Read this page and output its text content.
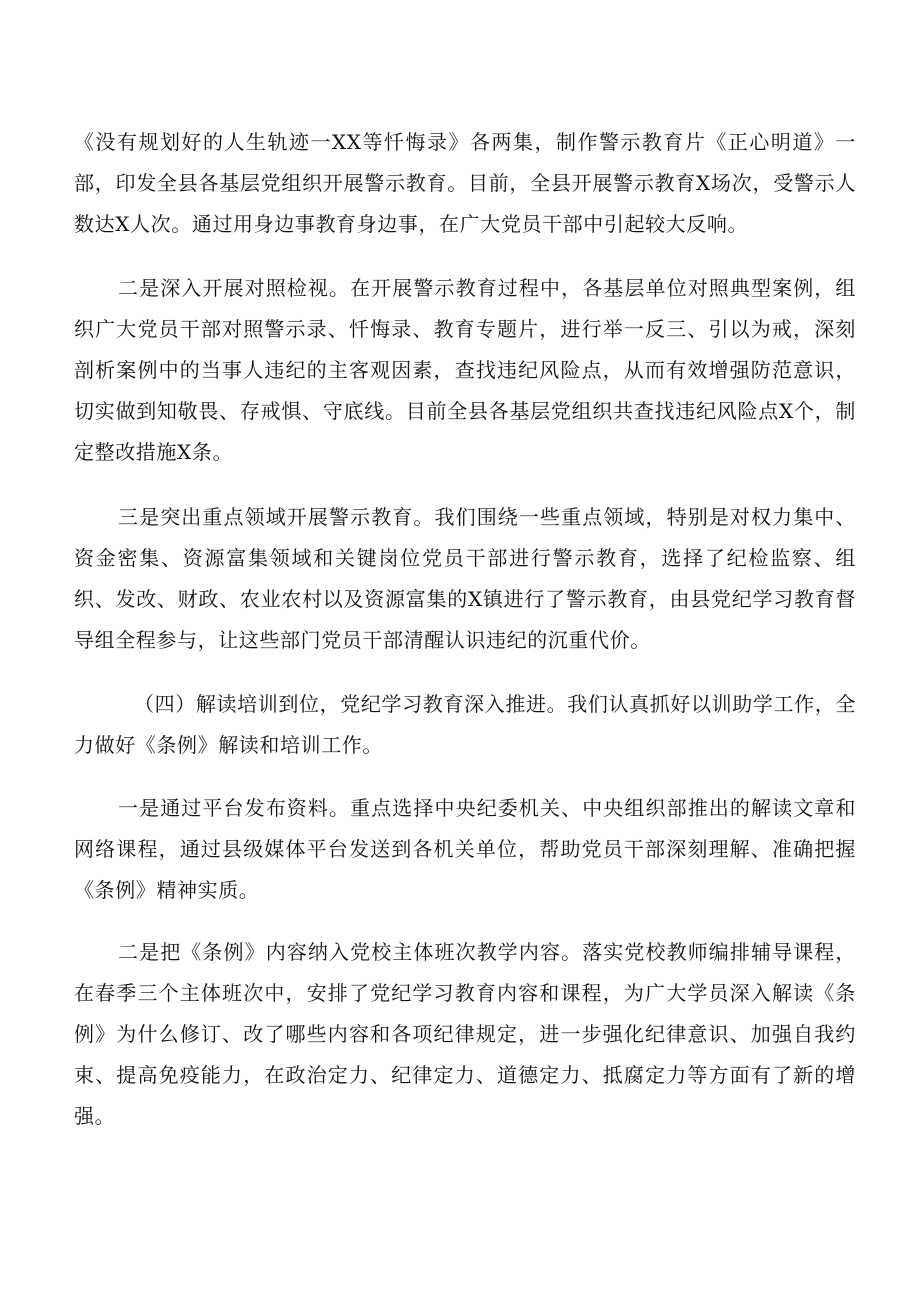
《没有规划好的人生轨迹一XX等忏悔录》各两集，制作警示教育片《正心明道》一部，印发全县各基层党组织开展警示教育。目前，全县开展警示教育X场次，受警示人数达X人次。通过用身边事教育身边事，在广大党员干部中引起较大反响。

二是深入开展对照检视。在开展警示教育过程中，各基层单位对照典型案例，组织广大党员干部对照警示录、忏悔录、教育专题片，进行举一反三、引以为戒，深刻剖析案例中的当事人违纪的主客观因素，查找违纪风险点，从而有效增强防范意识，切实做到知敬畏、存戒惧、守底线。目前全县各基层党组织共查找违纪风险点X个，制定整改措施X条。

三是突出重点领域开展警示教育。我们围绕一些重点领域，特别是对权力集中、资金密集、资源富集领域和关键岗位党员干部进行警示教育，选择了纪检监察、组织、发改、财政、农业农村以及资源富集的X镇进行了警示教育，由县党纪学习教育督导组全程参与，让这些部门党员干部清醒认识违纪的沉重代价。

（四）解读培训到位，党纪学习教育深入推进。我们认真抓好以训助学工作，全力做好《条例》解读和培训工作。

一是通过平台发布资料。重点选择中央纪委机关、中央组织部推出的解读文章和网络课程，通过县级媒体平台发送到各机关单位，帮助党员干部深刻理解、准确把握《条例》精神实质。

二是把《条例》内容纳入党校主体班次教学内容。落实党校教师编排辅导课程，在春季三个主体班次中，安排了党纪学习教育内容和课程，为广大学员深入解读《条例》为什么修订、改了哪些内容和各项纪律规定，进一步强化纪律意识、加强自我约束、提高免疫能力，在政治定力、纪律定力、道德定力、抵腐定力等方面有了新的增强。
